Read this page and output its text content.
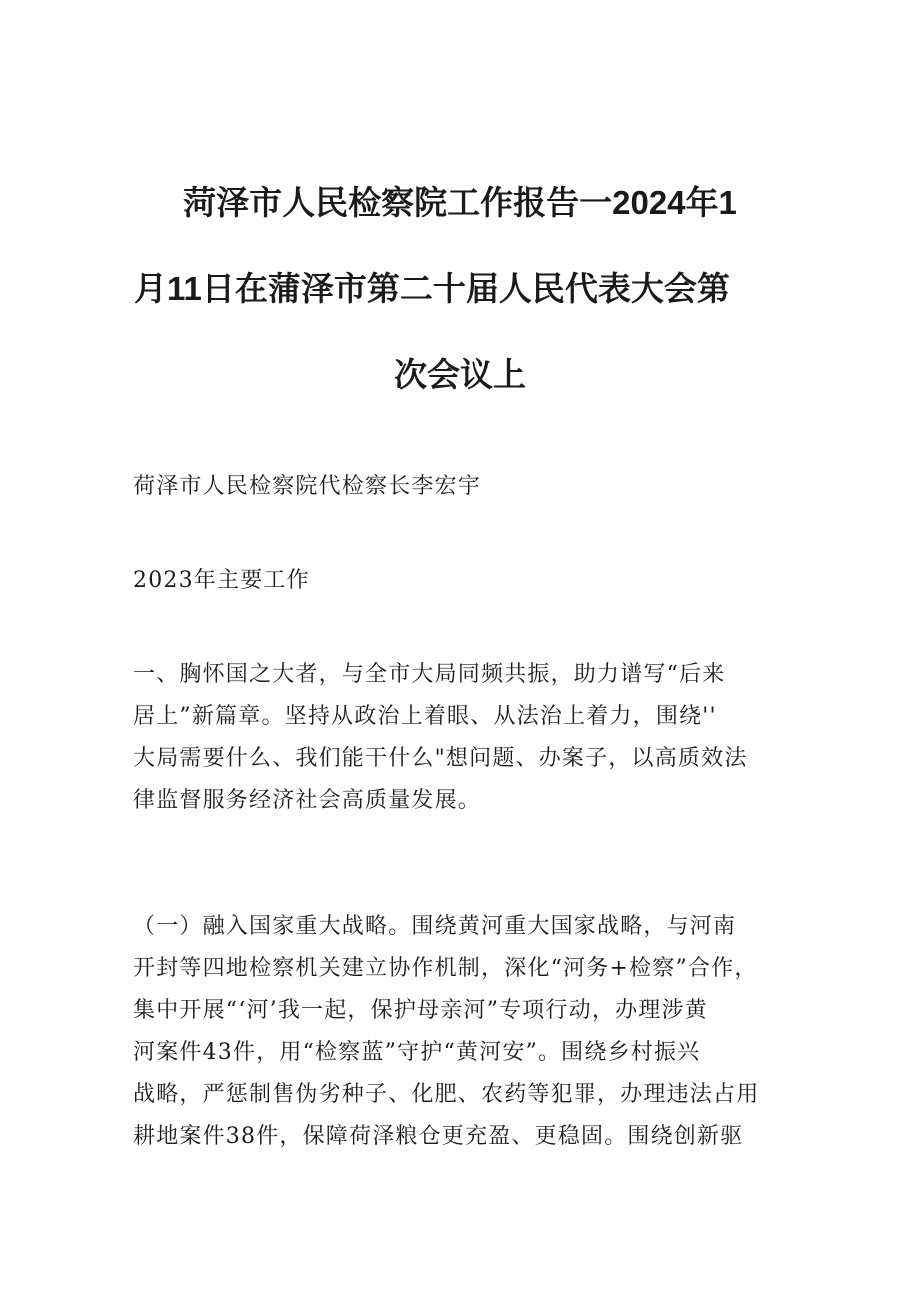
菏泽市人民检察院工作报告一2024年1
月11日在蒲泽市第二十届人民代表大会第
次会议上

荷泽市人民检察院代检察长李宏宇

2023年主要工作

一、胸怀国之大者，与全市大局同频共振，助力谱写“后来
居上”新篇章。坚持从政治上着眼、从法治上着力，围绕''
大局需要什么、我们能干什么"想问题、办案子，以高质效法
律监督服务经济社会高质量发展。

（一）融入国家重大战略。围绕黄河重大国家战略，与河南
开封等四地检察机关建立协作机制，深化“河务+检察”合作，
集中开展“‘河’我一起，保护母亲河”专项行动，办理涉黄
河案件43件，用“检察蓝”守护“黄河安”。围绕乡村振兴
战略，严惩制售伪劣种子、化肥、农药等犯罪，办理违法占用
耕地案件38件，保障荷泽粮仓更充盈、更稳固。围绕创新驱
